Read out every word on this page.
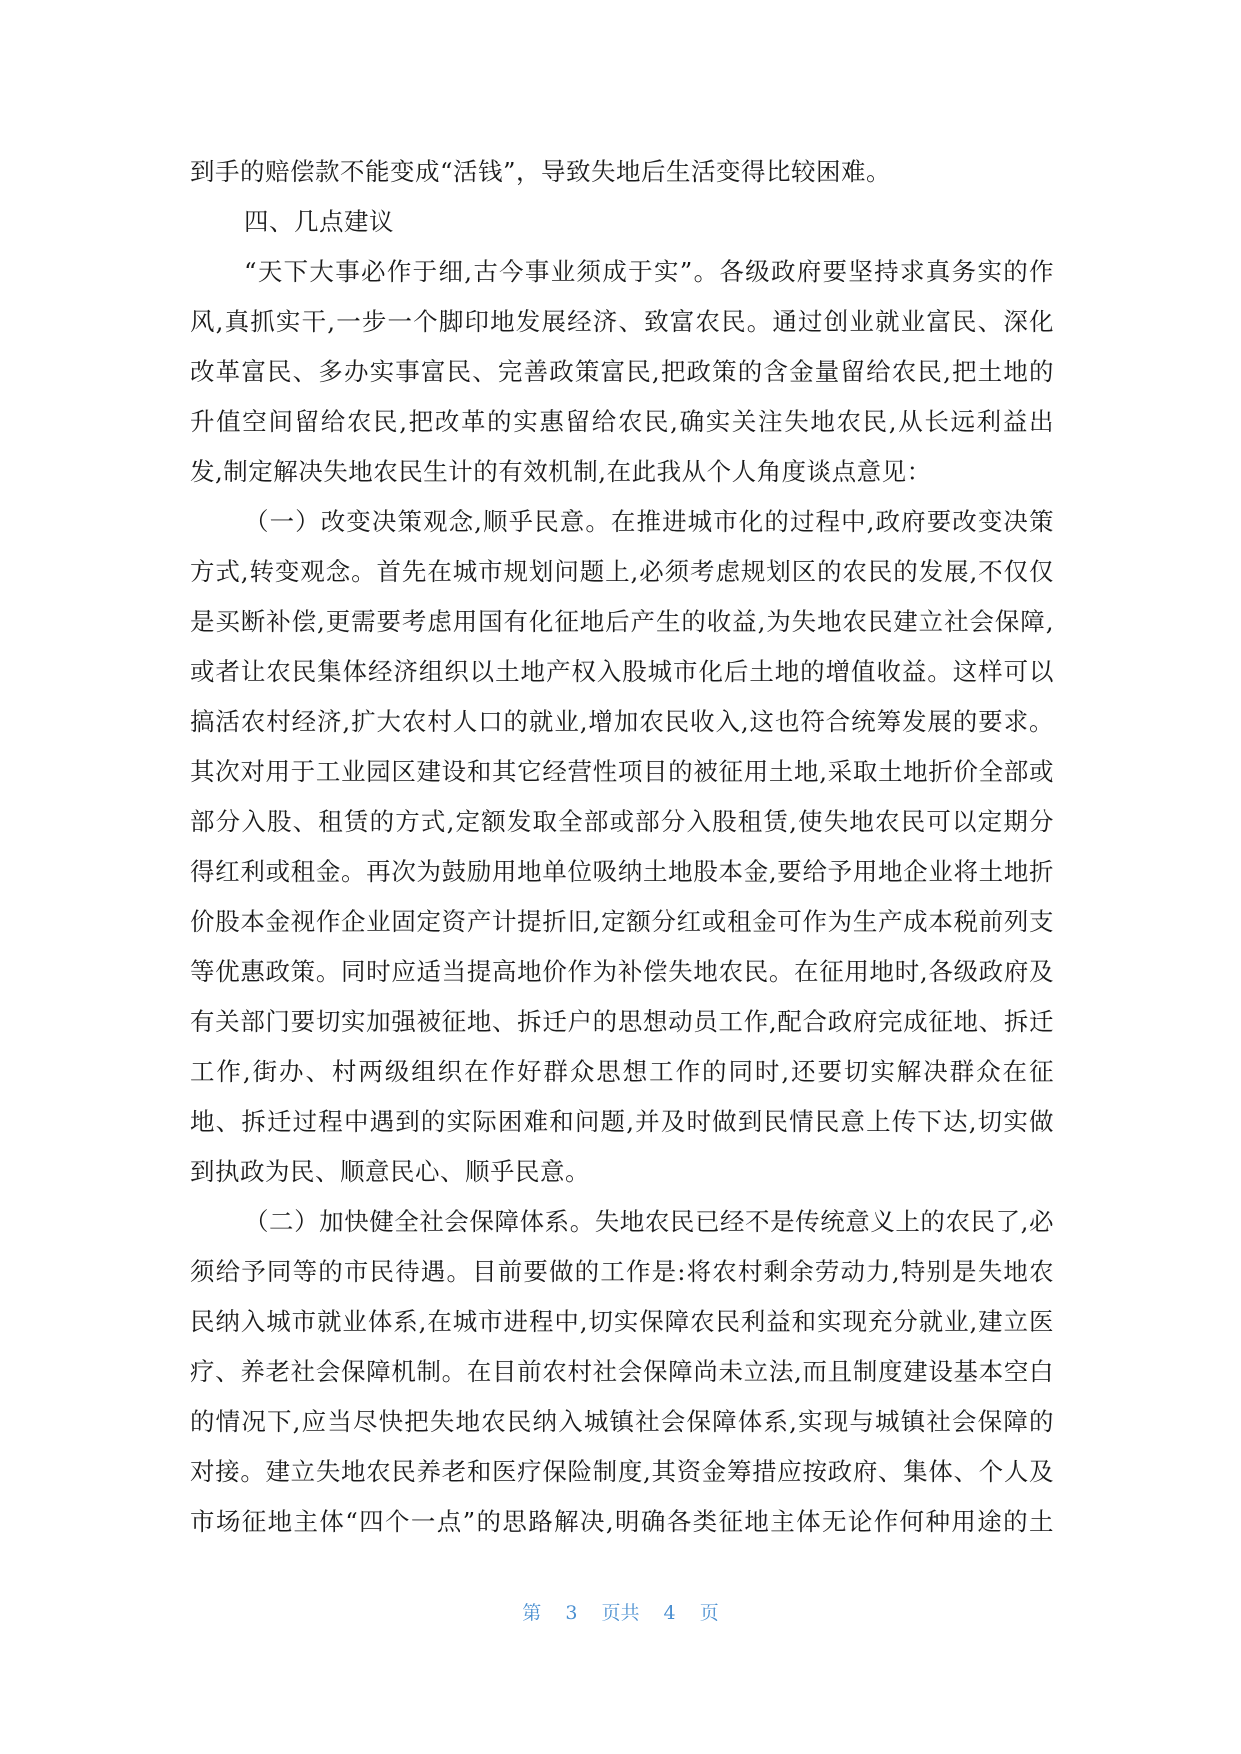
到手的赔偿款不能变成“活钱”，导致失地后生活变得比较困难。
四、几点建议
“天下大事必作于细,古今事业须成于实”。各级政府要坚持求真务实的作
风,真抓实干,一步一个脚印地发展经济、致富农民。通过创业就业富民、深化
改革富民、多办实事富民、完善政策富民,把政策的含金量留给农民,把土地的
升值空间留给农民,把改革的实惠留给农民,确实关注失地农民,从长远利益出
发,制定解决失地农民生计的有效机制,在此我从个人角度谈点意见：
（一）改变决策观念,顺乎民意。在推进城市化的过程中,政府要改变决策
方式,转变观念。首先在城市规划问题上,必须考虑规划区的农民的发展,不仅仅
是买断补偿,更需要考虑用国有化征地后产生的收益,为失地农民建立社会保障,
或者让农民集体经济组织以土地产权入股城市化后土地的增值收益。这样可以
搞活农村经济,扩大农村人口的就业,增加农民收入,这也符合统筹发展的要求。
其次对用于工业园区建设和其它经营性项目的被征用土地,采取土地折价全部或
部分入股、租赁的方式,定额发取全部或部分入股租赁,使失地农民可以定期分
得红利或租金。再次为鼓励用地单位吸纳土地股本金,要给予用地企业将土地折
价股本金视作企业固定资产计提折旧,定额分红或租金可作为生产成本税前列支
等优惠政策。同时应适当提高地价作为补偿失地农民。在征用地时,各级政府及
有关部门要切实加强被征地、拆迁户的思想动员工作,配合政府完成征地、拆迁
工作,街办、村两级组织在作好群众思想工作的同时,还要切实解决群众在征
地、拆迁过程中遇到的实际困难和问题,并及时做到民情民意上传下达,切实做
到执政为民、顺意民心、顺乎民意。
（二）加快健全社会保障体系。失地农民已经不是传统意义上的农民了,必
须给予同等的市民待遇。目前要做的工作是:将农村剩余劳动力,特别是失地农
民纳入城市就业体系,在城市进程中,切实保障农民利益和实现充分就业,建立医
疗、养老社会保障机制。在目前农村社会保障尚未立法,而且制度建设基本空白
的情况下,应当尽快把失地农民纳入城镇社会保障体系,实现与城镇社会保障的
对接。建立失地农民养老和医疗保险制度,其资金筹措应按政府、集体、个人及
市场征地主体“四个一点”的思路解决,明确各类征地主体无论作何种用途的土
第 3 页共 4 页
